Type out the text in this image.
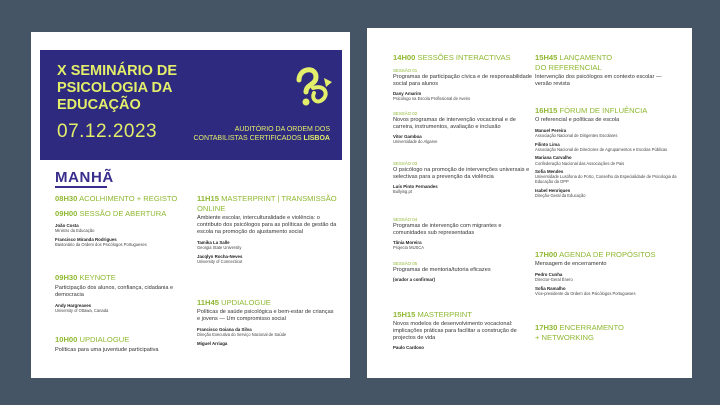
X SEMINÁRIO DE
PSICOLOGIA DA EDUCAÇÃO
07.12.2023	AUDITÓRIO DA ORDEM DOS
CONTABILISTAS CERTIFICADOS LISBOA
MANHÃ
08H30 ACOLHIMENTO + REGISTO
09H00 SESSÃO DE ABERTURA
João Costa
Ministro da Educação
Francisco Miranda Rodrigues
Bastonário da Ordem dos Psicólogos Portugueses
09H30 KEYNOTE
Participação dos alunos, confiança, cidadania e democracia
Andy Hargreaves
University of Ottawa, Canada
10H00 UPDIALOGUE
Políticas para uma juventude participativa
11H15 MASTERPRINT | TRANSMISSÃO
ONLINE
Ambiente escolar, interculturalidade e violência: o contributo dos psicólogos para as políticas de gestão da escola na promoção do ajustamento social
Tamika La Salle
Georgia State University
Jacqlyn Rocha-Neves
University of Connecticut
11H45 UPDIALOGUE
Políticas de saúde psicológica e bem-estar de crianças e jovens — Um compromisso social
Francisco Goiana da Silva
Direção Executiva do Serviço Nacional de Saúde
Miguel Arriaga
14H00 SESSÕES INTERACTIVAS
SESSÃO 01
Programas de participação cívica e de responsabilidade social para alunos
Dany Amarim
Psicólogo na Escola Profissional de Aveiro
SESSÃO 02
Novos programas de intervenção vocacional e de carreira, instrumentos, avaliação e inclusão
Vitor Gamboa
Universidade do Algarve
SESSÃO 03
O psicólogo na promoção de intervenções universais e selectivas para a prevenção da violência
Luís Pinto Fernandes
Bullying.pt
SESSÃO 04
Programas de intervenção com migrantes e comunidades sub representadas
Tânia Moreira
Projecto MUSCA
SESSÃO 05
Programas de mentoria/tutoria eficazes
(orador a confirmar)
15H15 MASTERPRINT
Novos modelos de desenvolvimento vocacional: implicações práticas para facilitar a construção de projectos de vida
Paulo Cardoso
15H45 LANÇAMENTO
DO REFERENCIAL
Intervenção dos psicólogos em contexto escolar — versão revista
16H15 FÓRUM DE INFLUÊNCIA
O referencial e políticas de escola
Manuel Pereira
Associação Nacional de Dirigentes Escolares
Filinto Lima
Associação Nacional de Directores de Agrupamentos e Escolas Públicas
Mariana Carvalho
Confederação Nacional das Associações de Pais
Sofia Mendes
Universidade Lusófona do Porto, Conselho da Especialidade de Psicologia da Educação da OPP
Isabel Henriques
Direção-Geral da Educação
17H00 AGENDA DE PROPÓSITOS
Mensagem de encerramento
Pedro Cunha
Director-Geral Ênero
Sofia Ramalho
Vice-presidente da Ordem dos Psicólogos Portugueses
17H30 ENCERRAMENTO
+ NETWORKING
